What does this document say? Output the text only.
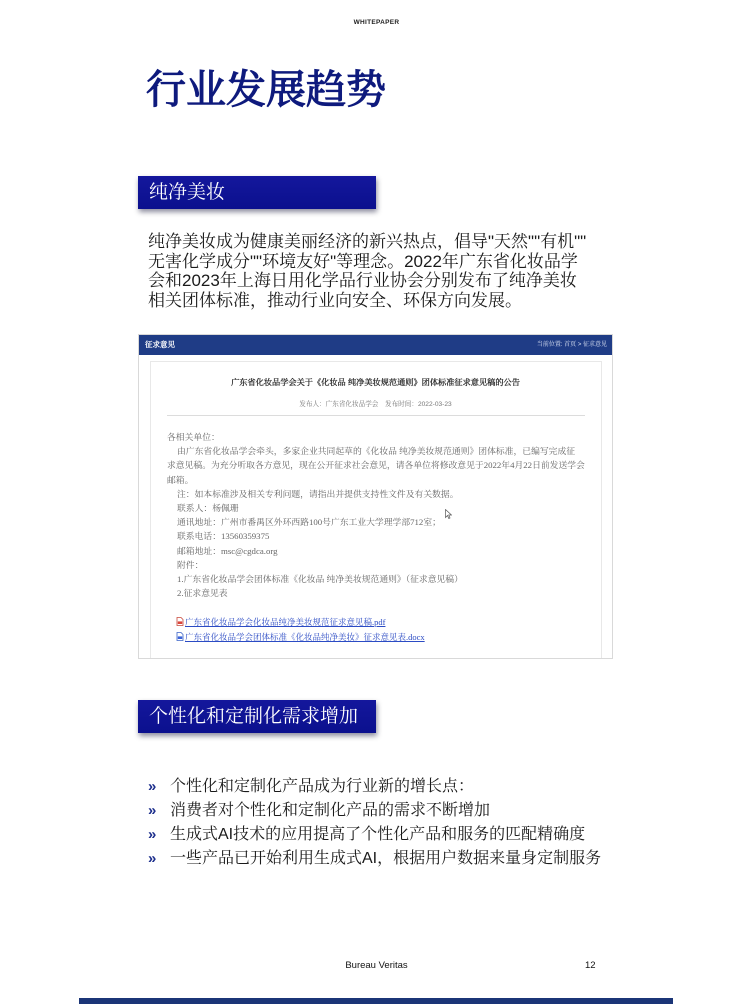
WHITEPAPER
行业发展趋势
纯净美妆
纯净美妆成为健康美丽经济的新兴热点，倡导"天然""有机""
无害化学成分""环境友好"等理念。2022年广东省化妆品学
会和2023年上海日用化学品行业协会分别发布了纯净美妆
相关团体标准，推动行业向安全、环保方向发展。
征求意见	当前位置: 首页 > 征求意见
广东省化妆品学会关于《化妆品 纯净美妆规范通则》团体标准征求意见稿的公告
发布人：广东省化妆品学会　发布时间：2022-03-23
各相关单位：
由广东省化妆品学会牵头，多家企业共同起草的《化妆品 纯净美妆规范通则》团体标准，已编写完成征
求意见稿。为充分听取各方意见，现在公开征求社会意见，请各单位将修改意见于2022年4月22日前发送学会
邮箱。
注：如本标准涉及相关专利问题，请指出并提供支持性文件及有关数据。
联系人：杨佩珊
通讯地址：广州市番禺区外环西路100号广东工业大学理学部712室；
联系电话：13560359375
邮箱地址：msc@cgdca.org
附件：
1.广东省化妆品学会团体标准《化妆品 纯净美妆规范通则》（征求意见稿）
2.征求意见表
广东省化妆品学会化妆品纯净美妆规范征求意见稿.pdf
广东省化妆品学会团体标准《化妆品纯净美妆》征求意见表.docx
个性化和定制化需求增加
» 个性化和定制化产品成为行业新的增长点：
» 消费者对个性化和定制化产品的需求不断增加
» 生成式AI技术的应用提高了个性化产品和服务的匹配精确度
» 一些产品已开始利用生成式AI，根据用户数据来量身定制服务
Bureau Veritas	12
